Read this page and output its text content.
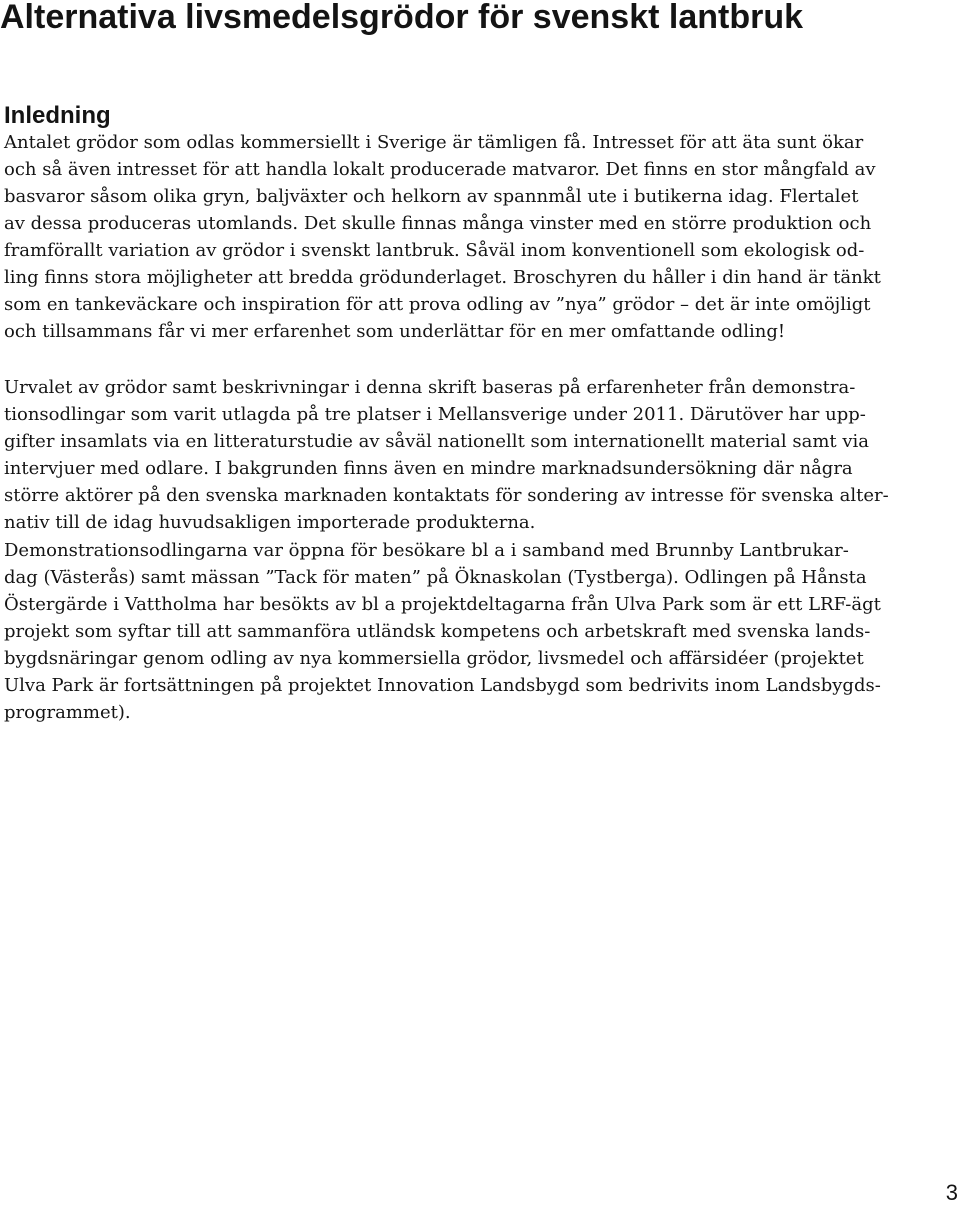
Alternativa livsmedelsgrödor för svenskt lantbruk
Inledning
Antalet grödor som odlas kommersiellt i Sverige är tämligen få. Intresset för att äta sunt ökar
och så även intresset för att handla lokalt producerade matvaror. Det finns en stor mångfald av
basvaror såsom olika gryn, baljväxter och helkorn av spannmål ute i butikerna idag. Flertalet
av dessa produceras utomlands. Det skulle finnas många vinster med en större produktion och
framförallt variation av grödor i svenskt lantbruk. Såväl inom konventionell som ekologisk od-
ling finns stora möjligheter att bredda grödunderlaget. Broschyren du håller i din hand är tänkt
som en tankeväckare och inspiration för att prova odling av ”nya” grödor – det är inte omöjligt
och tillsammans får vi mer erfarenhet som underlättar för en mer omfattande odling!
Urvalet av grödor samt beskrivningar i denna skrift baseras på erfarenheter från demonstra-
tionsodlingar som varit utlagda på tre platser i Mellansverige under 2011. Därutöver har upp-
gifter insamlats via en litteraturstudie av såväl nationellt som internationellt material samt via
intervjuer med odlare. I bakgrunden finns även en mindre marknadsundersökning där några
större aktörer på den svenska marknaden kontaktats för sondering av intresse för svenska alter-
nativ till de idag huvudsakligen importerade produkterna.
Demonstrationsodlingarna var öppna för besökare bl a i samband med Brunnby Lantbrukar-
dag (Västerås) samt mässan ”Tack för maten” på Öknaskolan (Tystberga). Odlingen på Hånsta
Östergärde i Vattholma har besökts av bl a projektdeltagarna från Ulva Park som är ett LRF-ägt
projekt som syftar till att sammanföra utländsk kompetens och arbetskraft med svenska lands-
bygdsnäringar genom odling av nya kommersiella grödor, livsmedel och affärsidéer (projektet
Ulva Park är fortsättningen på projektet Innovation Landsbygd som bedrivits inom Landsbygds-
programmet).
3
